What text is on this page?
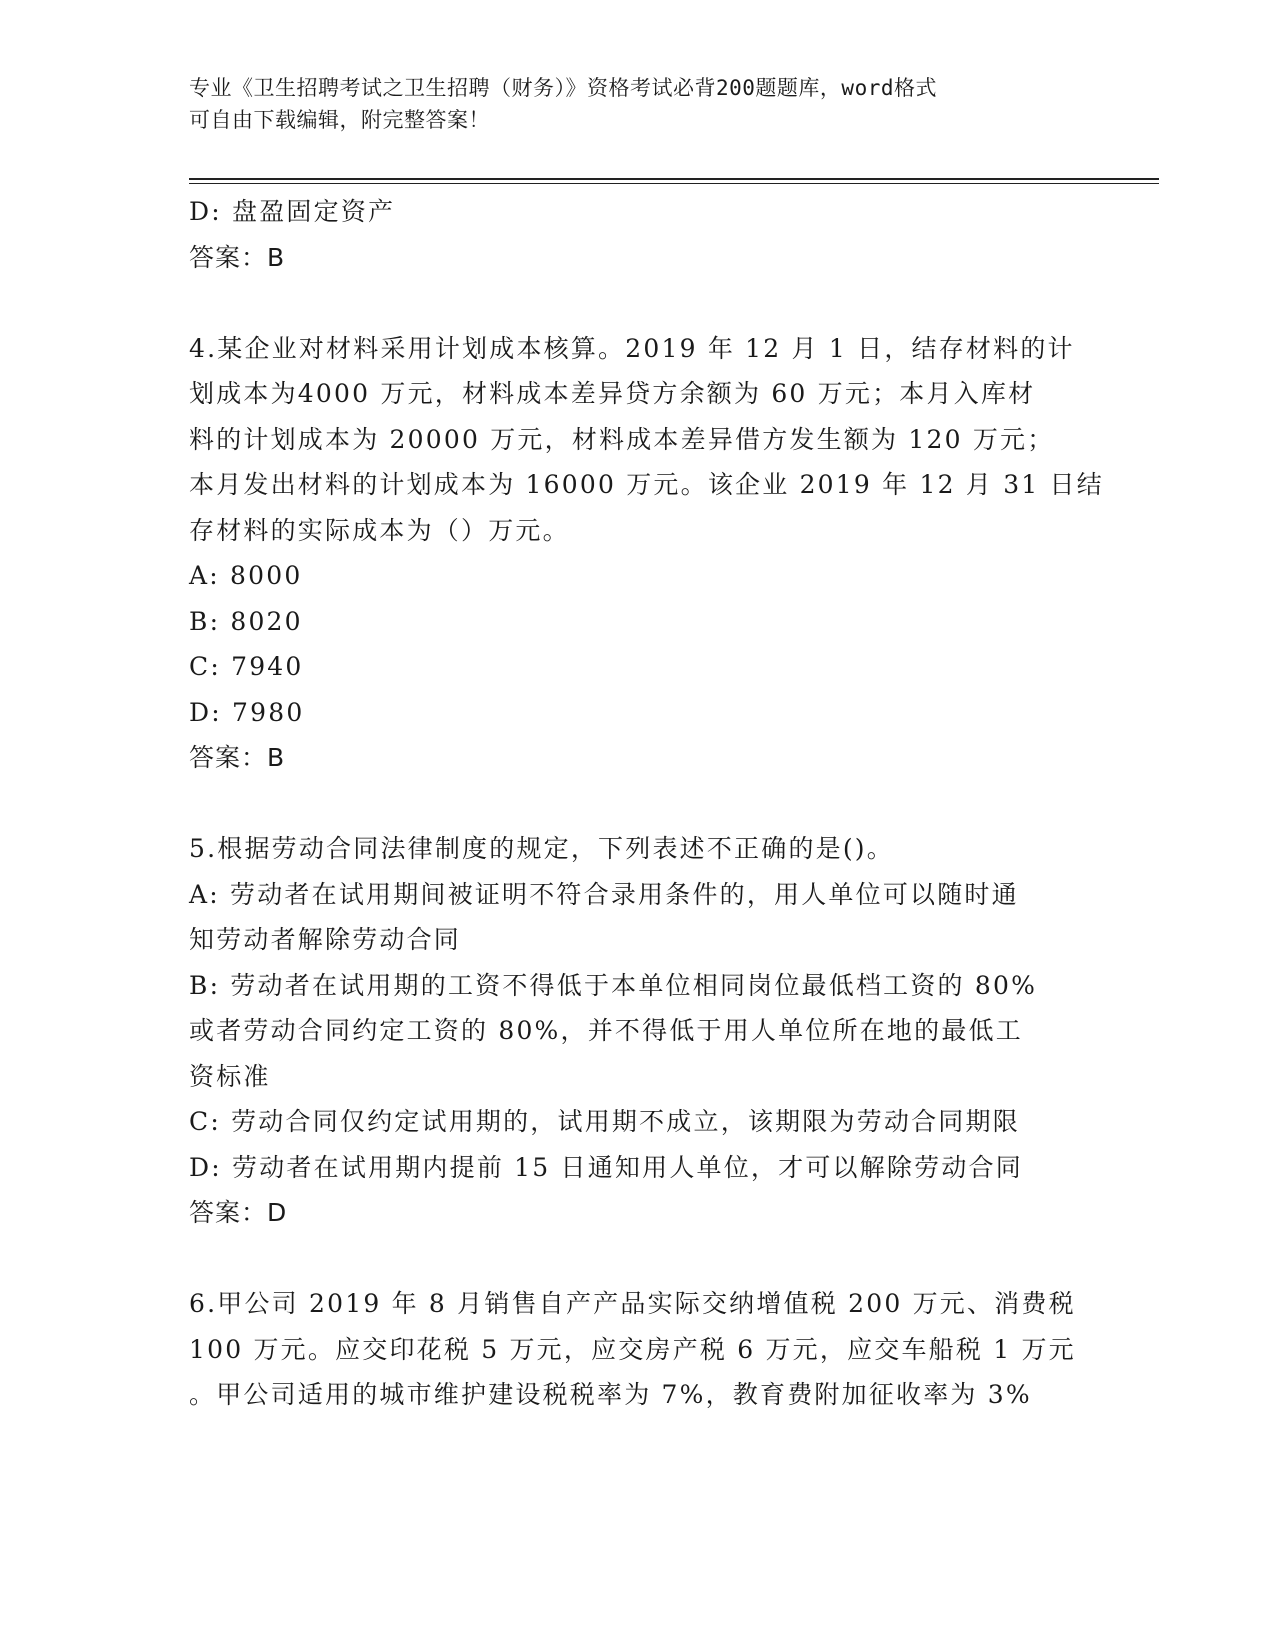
专业《卫生招聘考试之卫生招聘（财务）》资格考试必背200题题库，word格式
可自由下载编辑，附完整答案！
D: 盘盈固定资产
答案：B
4.某企业对材料采用计划成本核算。2019 年 12 月 1 日，结存材料的计
划成本为4000 万元，材料成本差异贷方余额为 60 万元；本月入库材
料的计划成本为 20000 万元，材料成本差异借方发生额为 120 万元；
本月发出材料的计划成本为 16000 万元。该企业 2019 年 12 月 31 日结
存材料的实际成本为（）万元。
A: 8000
B: 8020
C: 7940
D: 7980
答案：B
5.根据劳动合同法律制度的规定，下列表述不正确的是()。
A: 劳动者在试用期间被证明不符合录用条件的，用人单位可以随时通
知劳动者解除劳动合同
B: 劳动者在试用期的工资不得低于本单位相同岗位最低档工资的 80%
或者劳动合同约定工资的 80%，并不得低于用人单位所在地的最低工
资标准
C: 劳动合同仅约定试用期的，试用期不成立，该期限为劳动合同期限
D: 劳动者在试用期内提前 15 日通知用人单位，才可以解除劳动合同
答案：D
6.甲公司 2019 年 8 月销售自产产品实际交纳增值税 200 万元、消费税
100 万元。应交印花税 5 万元，应交房产税 6 万元，应交车船税 1 万元
。甲公司适用的城市维护建设税税率为 7%，教育费附加征收率为 3%
